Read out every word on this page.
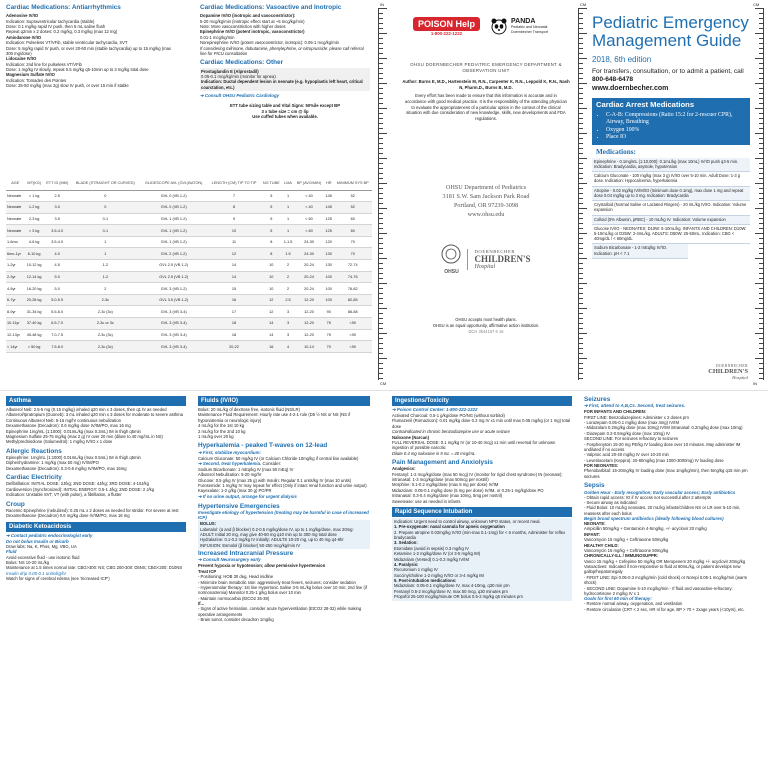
Cardiac Medications: Antiarrhythmics
Adenosine IV/IO
Indication: Supraventricular tachycardia (stable)
Dose: 0.1 mg/kg rapid IV push, then 5 mL saline flush
Repeat q2min x 2 doses: 0.2 mg/kg, 0.3 mg/kg (max 12 mg)
Amiodarone IV/IO
Indication: Pulseless VT/VFib, stable ventricular tachycardia, SVT
Dose: 5 mg/kg rapid IV push, or over 20-60 min (stable tachycardia) up to 15 mg/kg (max 300 mg/dose)
Lidocaine IV/IO
Indication: 2nd line for pulseless VT/VFib
Dose: 1 mg/kg IV slowly, repeat 0.5 mg/kg q5-10min up to 3 mg/kg total dose
Magnesium Sulfate IV/IO
Indication: Torsades des Pointes
Dose: 25-50 mg/kg (max 2g) slow IV push, or over 15 min if stable
Cardiac Medications: Vasoactive and Inotropic
Dopamine IV/IO (inotropic and vasoconstrictor):
5-20 mcg/kg/min (inotropic effect start at ~5 mcg/kg/min)
Note: More vasoconstriction with higher doses
Epinephrine IV/IO (potent inotropic, vasoconstrictor)
0.01-1 mcg/kg/min
Norepinephrine IV/IO (potent vasoconstrictor, inotropic): 0.05-1 mcg/kg/min
If considering milrinone, dobutamine, phenylephrine, or nitroprusside: please call referral line for PICU consultation
Cardiac Medications: Other
Prostaglandin E (Alprostadil)
0.05-0.1 mcg/kg/min (monitor for apnea)
Indication: Ductal dependent lesion in neonate (e.g. hypoplastic left heart, critical coarctation, etc.)
➔ Consult OHSU Pediatric Cardiology
ETT tube sizing table and Vital Signs: 50%ile except BP
3 x tube size = cm @ lip
Use cuffed tubes when available.
AGE	WT(KG)	ETT ID (MM)	BLADE (STRAIGHT OR CURVED)	GLIDESCOPE AVL (GVL)BATON)	LENGTH (CM) TIP TO TIP	NG TUBE	LMA	BP (AVG/MIN)	HR	MINIMUM SYS BP
Neonate	< 1 kg	2.5	0	GVL 0 (VB 1-2)	7	5	1	< 40	145	52
Neonate	1-2 kg	3.0	0	GVL 0 (VB 1-2)	8	5	1	< 40	145	52
Neonate	2-3 kg	3.5	0-1	GVL 1 (VB 1-2)	9	5	1	< 60	125	60
Neonate	< 3 kg	3.5-4.0	0-1	GVL 1 (VB 1-2)	10	5	1	< 60	125	60
1-6mo	4-6 kg	3.5-4.0	1	GVL 1 (VB 1-2)	11	8	1-1.5	24-30	120	70
6mo-1yr	6-10 kg	4.0	1	GVL 2 (VB 1-2)	12	8	1.5	24-30	130	70
1-2yr	10-12 kg	4.5	1-2	GVL 2.5 (VB 1-2)	14	10	2	20-24	130	72-74
2-3yr	12-14 kg	5.0	1-2	GVL 2.5 (VB 1-2)	14	10	2	20-24	100	74-76
4-5yr	16-20 kg	5.0	2	GVL 3 (VB 1-2)	15	10	2	20-24	100	76-82
6-7yr	20-28 kg	5.0-5.5	2-3c	GVL 3.5 (VB 1-2)	16	12	2.5	12-20	100	82-85
8-9yr	31-34 kg	5.5-6.0	2-3c (3c)	GVL 3 (VB 3-4)	17	12	3	12-20	90	86-88
10-11yr	37-40 kg	6.5-7.0	2-3c or 3c	GVL 3 (VB 3-4)	18	14	3	12-20	75	<90
12-13yr	45-48 kg	7.0-7.5	2-3c (3c)	GVL 3 (VB 3-4)	18	14	3	12-20	75	<90
< 14yr	< 50 kg	7.5-8.0	2-3c (3c)	GVL 3 (VB 3-4)	20-22	16	4	10-14	70	<90
IN
CM
POISON Help
1-800-222-1222
PANDA
Pediatric and Neonatal Doernbecher Transport
OHSU DOERNBECHER PEDIATRIC EMERGENCY DEPARTMENT & OBSERVATION UNIT
Author: Burns E, M.D., Hartenstein M, R.N., Carpenter K, R.N., Leppold K, R.N., Nash N, Pharm.D., Burns B, M.D.
Every effort has been made to ensure that this information is accurate and in accordance with good medical practice. It is the responsibility of the attending physician to evaluate the appropriateness of a particular option in the context of the clinical situation with due consideration of new knowledge, skills, new developments and FDA regulations.
OHSU Department of Pediatrics
3181 S.W. Sam Jackson Park Road
Portland, OR 97239-3098
www.ohsu.edu
OHSU
DOERNBECHER
CHILDREN'S
Hospital
OHSU accepts most health plans.
OHSU is an equal opportunity, affirmative action institution.
DCH 3544167 6 16
CM	CM
IN
Pediatric Emergency
Management Guide
2018, 6th edition
For transfers, consultation, or to admit a patient, call 800-648-6478
www.doernbecher.com
Cardiac Arrest Medications
• C-A-B: Compressions (Ratio 15:2 for 2-rescuer CPR), Airway, Breathing
• Oxygen 100%
• Place IO
Medications:
Epinephrine - 0.1mg/mL (1:10,000): 0.1mL/kg (max 10mL) IV/IO push q3-5 min. Indication: Bradycardia, asystole, hypotension
Calcium Gluconate - 100 mg/kg (max 3 g) IV/IO over 5-10 min. Adult Dose: 1-3 g dose. Indication: Hypocalcemia, hyperkalemia
Atropine - 0.02 mg/kg IV/IM/IO (minimum dose 0.1mg), max dose 1 mg and repeat dose 0.04 mg/kg up to 3 mg. Indication: Bradycardia
Crystalloid (Normal Saline or Lactated Ringers) - 20 mL/kg IV/IO. Indication: Volume expansion
Colloid (5% Albumin, pRBC) - 10 mL/kg IV. Indication: Volume expansion
Glucose IV/IO - NEONATES: D10W: 5-10mL/kg. INFANTS AND CHILDREN: D10W: 5-10mL/kg or D25W: 2-4mL/kg. ADULTS: D50W: 25-50mL. Indication: CBG < 40mg/dL / < 60mg/dL
Sodium Bicarbonate - 1-2 mEq/kg IV/IO. Indication: pH < 7.1
DOERNBECHER
CHILDREN'S
Hospital
Asthma
Albuterol Neb: 2.5-5 mg (0.15 mg/kg) inhaled q20 min x 3 doses, then q1 hr as needed
Albuterol/Ipratropium (Duoneb): 3 mL inhaled q20 min x 3 doses for moderate to severe asthma
Continuous Albuterol Neb: 5-15 mg/hr continuous nebulization
Dexamethasone (Decadron): 0.6 mg/kg dose IV/IM/PO, max 16 mg
Epinephrine 1mg/mL (1:1000): 0.01mL/kg (max 0.3mL) IM in thigh q5min
Magnesium Sulfate 25-75 mg/kg (max 2 g) IV over 20 min (dilute to 40 mg/mL in NS)
Methylprednisolone (Solumedrol): 1 mg/kg IV/IO x 1 dose
Allergic Reactions
Epinephrine: 1mg/mL (1:1000) 0.01mL/kg (max 0.5mL) IM in thigh q5min
Diphenhydramine: 1 mg/kg (max 50 mg) IV/IM/PO
Dexamethasone (Decadron): 0.3-0.6 mg/kg IV/IM/PO, max 16mg
Cardiac Electricity
Defibrillation: INITIAL DOSE: 2J/kg; 2ND DOSE: 4J/kg; 3RD DOSE: 4-10J/kg
Cardioversion (Synchronized): INITIAL ENERGY: 0.5-1 J/kg; 2ND DOSE: 2 J/kg
Indication: Unstable SVT, VT (with pulse), a fibrillation, a flutter
Croup
Racemic Epinephrine (nebulized): 0.25 mL x 2 doses as needed for stridor. For severe at rest
Dexamethasone (Decadron) 0.6 mg/kg dose IV/IM/PO, max 16 mg
Diabetic Ketoacidosis
➔ Contact pediatric endocrinologist early
Do not bolus Insulin or Bicarb
Draw labs: Na, K, Phos, Mg, VBG, UA
Fluid
Avoid excessive fluid - use isotonic fluid
Bolus: NS 10-20 mL/kg
Maintenance at 1.5 times normal rate: CBG>300: NS; CBG 200-300: D5NS; CBG<200: D10NS
Insulin drip 0.05-0.1 units/kg/hr
Watch for signs of cerebral edema (see 'Increased ICP')
Fluids (IV/IO)
Bolus: 20 mL/kg of dextrose free, isotonic fluid (NS/LR)
Maintenance Fluid Requirement: Hourly rate use 4-2-1 rule (D5 ½ NS or NS (NS if hyponatremia or neurologic injury)
4 mL/kg for the 1st 10 kg
2 mL/kg for the 2nd 10 kg
1 mL/kg over 20 kg
Hyperkalemia - peaked T-waves on 12-lead
➔ First, stabilize myocardium:
Calcium Gluconate: 50 mg/kg IV (or Calcium Chloride 10mg/kg if central line available)
➔ Second, treat hyperkalemia. Consider:
Sodium Bicarbonate: 1 mEq/kg IV (max 50 mEq) IV
Albuterol Nebulization: 5-20 mg/hr
Glucose: 0.5 g/kg IV (max 25 g) with Insulin: Regular 0.1 units/kg IV (max 10 units)
Furosemide: 1 mg/kg IV may repeat for effect (Only if intact renal function and urine output)
Kayexalate: 1-2 g/kg (max 30 g) PO/PR
➔ If no urine output, arrange for urgent dialysis
Hypertensive Emergencies
Investigate etiology of hypertension (treating may be harmful in case of increased ICP)
BOLUS:
Labetalol: (α and β blocker) 0.2-0.5 mg/kg/dose IV, up to 1 mg/kg/dose, max 20mg: ADULT: Initial 20 mg, may give 40-80 mg q10 min up to 300 mg total dose
Hydralazine: 0.1-0.2 mg/kg IV initially; ADULTS 10-20 mg, up to 40 mg q4-6hr
INFUSION: Esmolol (β blocker) 50-250 mcg/kg/min IV
Increased Intracranial Pressure
➔ Consult Neurosurgery early
Prevent hypoxia or hypotension; allow permissive hypertension
Treat ICP
- Positioning: HOB 30 deg, Head midline
- Minimize brain metabolic rate: aggressively treat fevers, seizures; consider sedation
- Hyperosmolar therapy: 1st line Hypertonic Saline 3-5 mL/kg bolus over 10 min; 2nd line (if normonatremia) Mannitol 0.25-1 g/kg bolus over 10 min
- Maintain normocarbia (EtCO2 35-38)
If...
- Signs of active herniation, consider acute hyperventilation (EtCO2 28-32) while making operative arrangements
- Brain tumor, consider decadron 1mg/kg
Ingestions/Toxicity
➔ Poison Control Center: 1-800-222-1222
Activated Charcoal: 0.5-1 g/kg/dose PO/NG (without sorbitol)
Flumazenil (Romazicon): 0.01 mg/kg dose 0.2 mg IV x1 min until max 0.05 mg/kg (or 1 mg) total dose
Contraindicated in chronic benzodiazepine use or acute seizure
Naloxone (Narcan)
FULL REVERSAL DOSE: 0.1 mg/kg IV (or 10-40 mcg) x1 min until reversal for unknown ingestion of possible narcotic
Dilute 0.4 mg naloxone in 9 mL = 40 mcg/mL
Pain Management and Anxiolysis
Analgesics:
Fentanyl: 1-2 mcg/kg/dose (max 50 mcg) IV (monitor for rigid chest syndrome) IN (neonate): intranasal: 1-3 mcg/kg/dose (max 50mcg per nostril)
Morphine: 0.1-0.2 mg/kg/dose (max 8 mg per dose) IV/IM
Midazolam: 0.05-0.1 mg/kg dose (5 mg per dose) IV/IM, or 0.25-1 mg/kg/dose PO
Intranasal: 0.3-0.4 mg/kg/dose (max 10mg, 5mg per nostril)
Sweetease: use as needed in infants
Rapid Sequence Intubation
Indication: Urgent need to control airway, unknown NPO status, or recent meal.
1. Pre-oxygenate: nasal cannula for apneic oxygenation
2. Prepare atropine 0.02mg/kg IV/IO (min-max 0.1-1mg) for < 6 months, Administer for reflex bradycardia
3. Sedation:
Etomidate (avoid in sepsis) 0.3 mg/kg IV
Ketamine 1-2 mg/kg/dose IV (or 3-5 mg/kg IM)
Midazolam (Versed) 0.1-0.3 mg/kg IV/IM
4. Paralysis:
Rocuronium 1 mg/kg IV
Succinylcholine 1-2 mg/kg IV/IO or 3-4 mg/kg IM
5. Post-intubation medications:
Midazolam: 0.05-0.1 mg/kg/dose IV, max 4-10mg, q30 min prn
Fentanyl 0.5-2 mcg/kg/dose IV, max 50 mcg, q30 minutes prn
Propofol 25-100 mcg/kg/minute OR bolus 0.5-2 mg/kg q5 minutes prn
Seizures
➔ First, attend to A,B,Cs. Second, treat seizures.
FOR INFANTS AND CHILDREN:
FIRST LINE: Benzodiazepines: Administer x 2 doses prn
- Lorazepam 0.05-0.1 mg/kg dose (max 4mg) IV/IM
- Midazolam 0.2mg/kg dose (max 10mg) IV/IM intranasal: 0.2mg/kg dose (max 10mg)
- Diazepam 0.2-0.5mg/kg dose (max 10mg) IV
SECOND LINE: For seizures refractory to seizures
- Fosphenytoin 15-20 mg PE/kg IV loading dose over 10 minutes. May administer IM undiluted if no access
- Valproic acid 20-40 mg/kg IV over 10-20 min
- Levetiracetam (Keppra): 20-60mg/kg (max 1000-3000mg) IV loading dose
FOR NEONATES:
Phenobarbital: 15-20mg/kg IV loading dose (max 1mg/kg/min), then 5mg/kg q15 min prn seizures
Sepsis
Golden Hour - Early recognition; Early vascular access; Early antibiotics
- Obtain rapid access: IO if IV access not successful after 2 attempts
- Secure airway as indicated
- Fluid Bolus: 10 mL/kg neonates, 20 mL/kg infants/children NS or LR over 5-10 min, reassess after each bolus
Begin broad spectrum antibiotics (ideally following blood cultures)
NEONATE:
Ampicillin 50mg/kg + Gentamicin 4-5mg/kg. +/- acyclovir 20 mg/kg
INFANT:
Vancomycin 15 mg/kg + Ceftriaxone 50mg/kg
HEALTHY CHILD:
Vancomycin 15 mg/kg + Ceftriaxone 50mg/kg
CHRONICALLY-ILL / IMMUNOSUPPR:
Vanco 15 mg/kg + Cefepime 50 mg/kg OR Meropenem 20 mg/kg +/- acyclovir 20mg/kg
Vasoactives: Indicated if non-responsive to fluid at 60mL/kg, or patient develops new gallop/hepatomegaly
- FIRST LINE: Epi 0.05-0.3 mcg/kg/min (cold shock) or Norepi 0.05-1 mcg/kg/min (warm shock)
- SECOND LINE: Dopamine 5-10 mcg/kg/min - If fluid and vasoactive-refractory: hydrocortisone 2 mg/kg IV x 1
Goals for first 60 min of therapy:
- Restore normal airway, oxygenation, and ventilation
- Restore circulation (CRT < 2 sec, HR nl for age, BP > 70 + 2xage years (<10yrs), etc.
